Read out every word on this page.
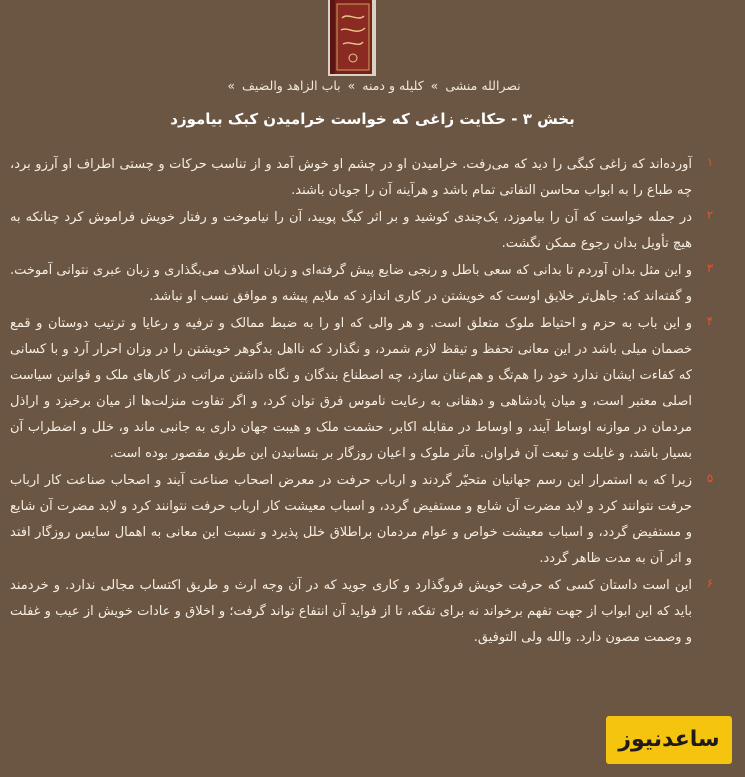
نصرالله منشی » کلیله و دمنه » باب الزاهد والضیف »
بخش ۳ - حکایت زاغی که خواست خرامیدن کبک بیاموزد
۱
آورده‌اند که زاغی کبگی را دید که می‌رفت. خرامیدن او در چشم او خوش آمد و از تناسب حرکات و چستی اطراف او آرزو برد، چه طباع را به ابواب محاسن التفاتی تمام باشد و هرآینه آن را جویان باشند.
۲
در جمله خواست که آن را بیاموزد، یک‌چندی کوشید و بر اثر کبگ پویید، آن را نیاموخت و رفتار خویش فراموش کرد چنانکه به هیچ تأویل بدان رجوع ممکن نگشت.
۳
و این مثل بدان آوردم تا بدانی که سعی باطل و رنجی ضایع پیش گرفته‌ای و زبان اسلاف می‌بگذاری و زبان عبری نتوانی آموخت. و گفته‌اند که: جاهل‌تر خلایق اوست که خویشتن در کاری اندازد که ملایم پیشه و موافق نسب او نباشد.
۴
و این باب به حزم و احتیاط ملوک متعلق است. و هر والی که او را به ضبط ممالک و ترفیه و رعایا و ترتیب دوستان و قمع خصمان میلی باشد در این معانی تحفظ و تیقظ لازم شمرد، و نگذارد که نااهل بدگوهر خویشتن را در وزان احرار آرد و با کسانی که کفاءت ایشان ندارد خود را هم‌تگ و هم‌عنان سازد، چه اصطناع بندگان و نگاه داشتن مراتب در کارهای ملک و قوانین سیاست اصلی معتبر است، و میان پادشاهی و دهقانی به رعایت ناموس فرق توان کرد، و اگر تفاوت منزلت‌ها از میان برخیزد و اراذل مردمان در موازنه اوساط آیند، و اوساط در مقابله اکابر، حشمت ملک و هیبت جهان داری به جانبی ماند و، خلل و اضطراب آن بسیار باشد، و غایلت و تبعت آن فراوان. مآثر ملوک و اعیان روزگار بر بتسانیدن این طریق مقصور بوده است.
۵
زیرا که به استمرار این رسم جهانیان متحیّر گردند و ارباب حرفت در معرض اصحاب صناعت آیند و اصحاب صناعت کار ارباب حرفت نتوانند کرد و لابد مضرت آن شایع و مستفیض گردد، و اسباب معیشت کار ارباب حرفت نتوانند کرد و لابد مضرت آن شایع و مستفیض گردد، و اسباب معیشت خواص و عوام مردمان براطلاق خلل پذیرد و نسبت این معانی به اهمال سایس روزگار افتد و اثر آن به مدت ظاهر گردد.
۶
این است داستان کسی که حرفت خویش فروگذارد و کاری جوید که در آن وجه ارث و طریق اکتساب مجالی ندارد. و خردمند باید که این ابواب از جهت تفهم برخواند نه برای تفکه، تا از فواید آن انتفاع تواند گرفت؛ و اخلاق و عادات خویش از عیب و غفلت و وصمت مصون دارد. والله ولی التوفیق.
ساعدنیوز
